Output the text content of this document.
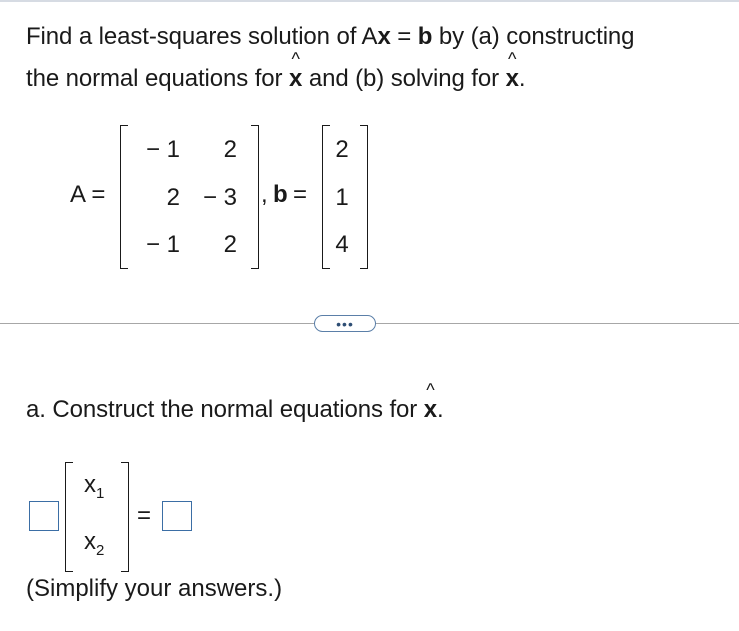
Find a least-squares solution of Ax = b by (a) constructing
the normal equations for
^
x and (b) solving for
^
x.
A =
− 1	2
2 − 3
− 1	2
, b =
2
1
4
•••
a. Construct the normal equations for
^
x.
$x_1$
$x_2$
=
(Simplify your answers.)
